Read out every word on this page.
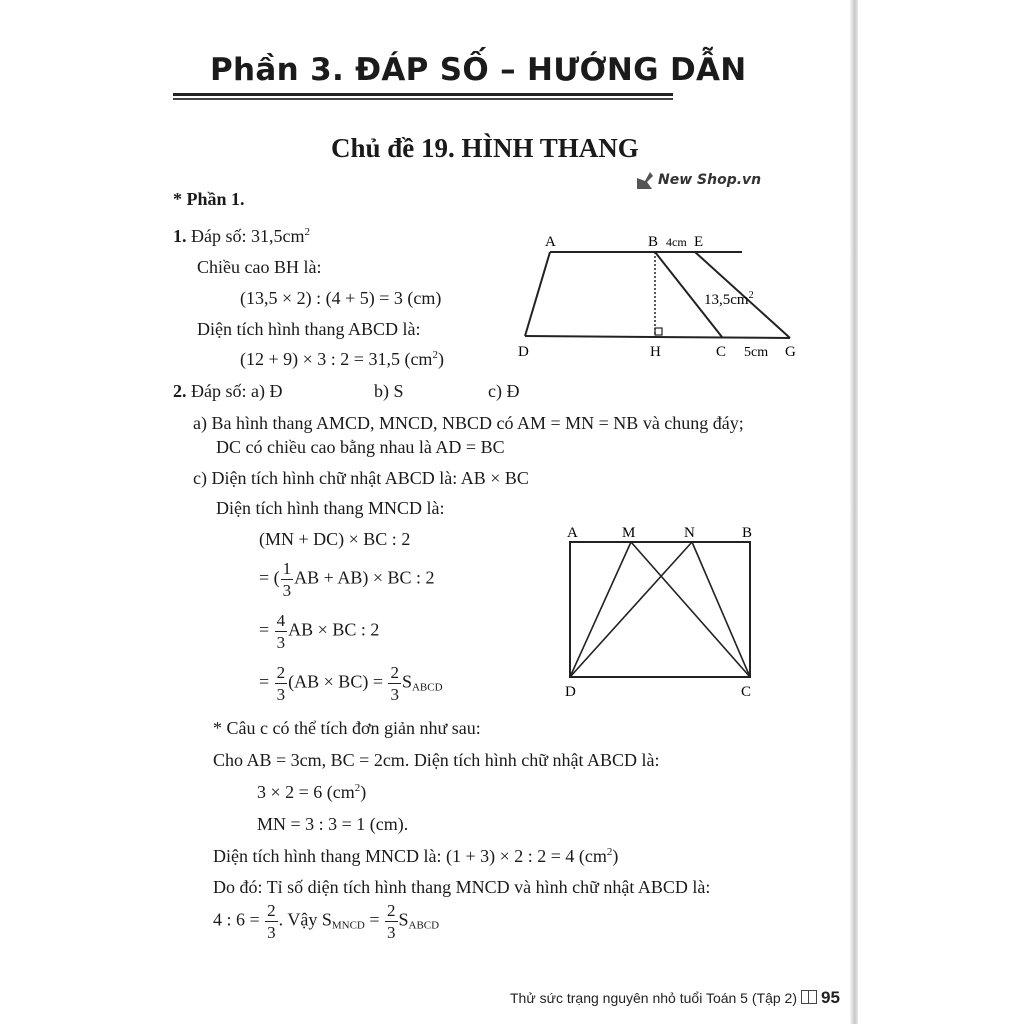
Phần 3. ĐÁP SỐ – HƯỚNG DẪN
Chủ đề 19. HÌNH THANG
New Shop.vn
* Phần 1.
1. Đáp số: $31,5cm^2$
Chiều cao BH là:
(13,5 × 2) : (4 + 5) = 3 (cm)
Diện tích hình thang ABCD là:
(12 + 9) × 3 : 2 = 31,5 $(cm^2)$
A	B 4cm E
D	H	C 5cm G
$13,5cm^2$
2. Đáp số: a) Đ	b) S	c) Đ
a) Ba hình thang AMCD, MNCD, NBCD có AM = MN = NB và chung đáy;
DC có chiều cao bằng nhau là AD = BC
c) Diện tích hình chữ nhật ABCD là: AB × BC
Diện tích hình thang MNCD là:
(MN + DC) × BC : 2
= ( $\frac{1}{3}$ AB + AB) × BC : 2
= $\frac{4}{3}$ AB × BC : 2
= $\frac{2}{3} (AB \times BC) = \frac{2}{3} S_{ABCD}$
A	M	N	B
D	C
* Câu c có thể tích đơn giản như sau:
Cho AB = 3cm, BC = 2cm. Diện tích hình chữ nhật ABCD là:
3 × 2 = 6 $(cm^2)$
MN = 3 : 3 = 1 (cm).
Diện tích hình thang MNCD là: (1 + 3) × 2 : 2 = 4 $(cm^2)$
Do đó: Tỉ số diện tích hình thang MNCD và hình chữ nhật ABCD là:
4 : $6 = \frac{2}{3}$ . Vậy $S_{MNCD} = \frac{2}{3} S_{ABCD}$
Thử sức trạng nguyên nhỏ tuổi Toán 5 (Tập 2) 95
